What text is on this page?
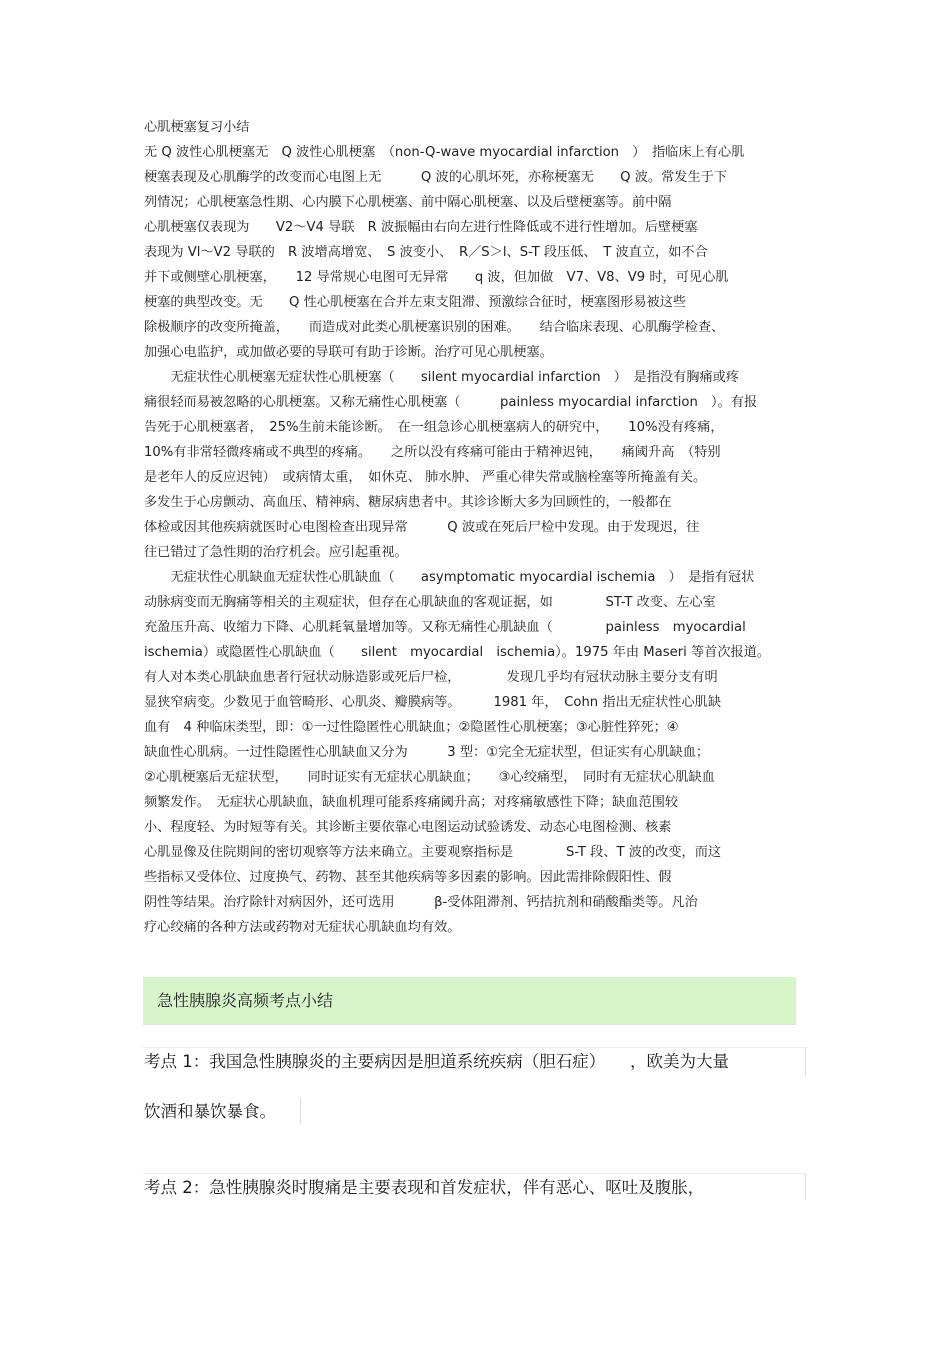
心肌梗塞复习小结
无 Q 波性心肌梗塞无　Q 波性心肌梗塞　（non-Q-wave myocardial infarction　）　指临床上有心肌
梗塞表现及心肌酶学的改变而心电图上无　　　Q 波的心肌坏死，亦称梗塞无　　Q 波。常发生于下
列情况；心肌梗塞急性期、心内膜下心肌梗塞、前中隔心肌梗塞、以及后壁梗塞等。前中隔
心肌梗塞仅表现为　　V2～V4 导联　R 波振幅由右向左进行性降低或不进行性增加。后壁梗塞
表现为 Vl～V2 导联的　R 波增高增宽、　S 波变小、　R／S＞l、S-T 段压低、　T 波直立，如不合
并下或侧壁心肌梗塞，　　12 导常规心电图可无异常　　q 波，但加做　V7、V8、V9 时，可见心肌
梗塞的典型改变。无　　Q 性心肌梗塞在合并左束支阻滞、预激综合征时，梗塞图形易被这些
除极顺序的改变所掩盖，　　而造成对此类心肌梗塞识别的困难。　　结合临床表现、心肌酶学检查、
加强心电监护，或加做必要的导联可有助于诊断。治疗可见心肌梗塞。
　　无症状性心肌梗塞无症状性心肌梗塞（　　silent myocardial infarction　）　是指没有胸痛或疼
痛很轻而易被忽略的心肌梗塞。又称无痛性心肌梗塞（　　　painless myocardial infarction　）。有报
告死于心肌梗塞者，　25%生前未能诊断。　在一组急诊心肌梗塞病人的研究中，　　10%没有疼痛，
10%有非常轻微疼痛或不典型的疼痛。　　之所以没有疼痛可能由于精神迟钝，　　痛阈升高　（特别
是老年人的反应迟钝）　或病情太重，　如休克、 肺水肿、 严重心律失常或脑栓塞等所掩盖有关。
多发生于心房颤动、高血压、精神病、糖尿病患者中。其诊诊断大多为回顾性的，一般都在
体检或因其他疾病就医时心电图检查出现异常　　　Q 波或在死后尸检中发现。由于发现迟，往
往已错过了急性期的治疗机会。应引起重视。
　　无症状性心肌缺血无症状性心肌缺血（　　asymptomatic myocardial ischemia　）　是指有冠状
动脉病变而无胸痛等相关的主观症状，但存在心肌缺血的客观证据，如　　　　ST-T 改变、左心室
充盈压升高、收缩力下降、心肌耗氧量增加等。又称无痛性心肌缺血（　　　　painless　myocardial
ischemia）或隐匿性心肌缺血（　　silent　myocardial　ischemia）。1975 年由 Maseri 等首次报道。
有人对本类心肌缺血患者行冠状动脉造影或死后尸检，　　　　发现几乎均有冠状动脉主要分支有明
显狭窄病变。少数见于血管畸形、心肌炎、瓣膜病等。　　　1981 年，　Cohn 指出无症状性心肌缺
血有　4 种临床类型，即：①一过性隐匿性心肌缺血；②隐匿性心肌梗塞；③心脏性猝死；④
缺血性心肌病。一过性隐匿性心肌缺血又分为　　　3 型：①完全无症状型，但证实有心肌缺血；
②心肌梗塞后无症状型，　　同时证实有无症状心肌缺血；　　③心绞痛型，　同时有无症状心肌缺血
频繁发作。　无症状心肌缺血，缺血机理可能系疼痛阈升高；对疼痛敏感性下降；缺血范围较
小、程度轻、为时短等有关。其诊断主要依靠心电图运动试验诱发、动态心电图检测、核素
心肌显像及住院期间的密切观察等方法来确立。主要观察指标是　　　　S-T 段、T 波的改变，而这
些指标又受体位、过度换气、药物、甚至其他疾病等多因素的影响。因此需排除假阳性、假
阴性等结果。治疗除针对病因外，还可选用　　　β-受体阻滞剂、钙拮抗剂和硝酸酯类等。凡治
疗心绞痛的各种方法或药物对无症状心肌缺血均有效。
急性胰腺炎高频考点小结
考点 1：我国急性胰腺炎的主要病因是胆道系统疾病（胆石症）　　，欧美为大量
饮酒和暴饮暴食。
考点 2：急性胰腺炎时腹痛是主要表现和首发症状，伴有恶心、呕吐及腹胀，
